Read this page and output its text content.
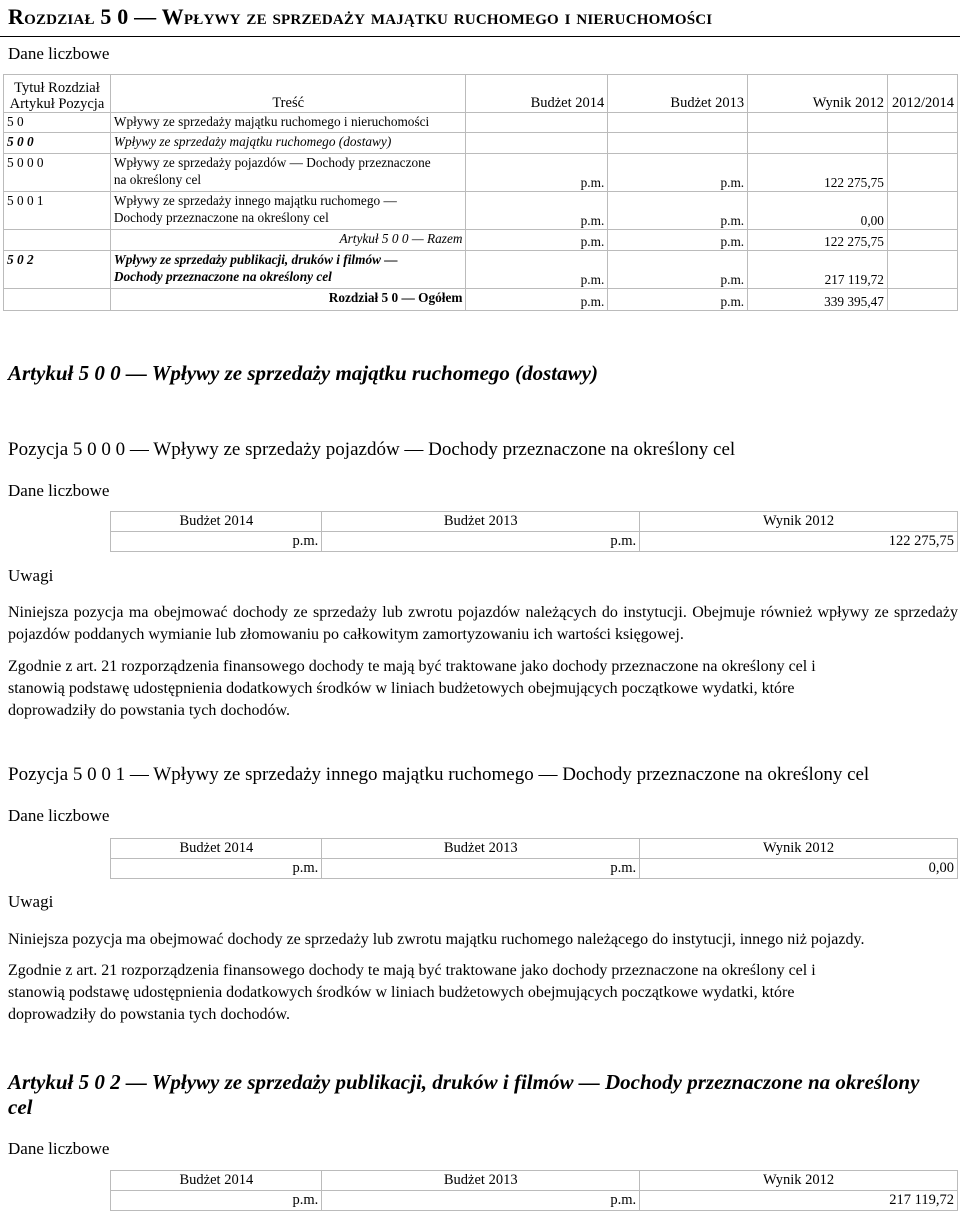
Rozdział 5 0 — Wpływy ze sprzedaży majątku ruchomego i nieruchomości
Dane liczbowe
Tytuł Rozdział
Artykuł Pozycja	Treść	Budżet 2014	Budżet 2013	Wynik 2012	2012/2014
5 0	Wpływy ze sprzedaży majątku ruchomego i nieruchomości				
5 0 0	Wpływy ze sprzedaży majątku ruchomego (dostawy)				
5 0 0 0	Wpływy ze sprzedaży pojazdów — Dochody przeznaczone
na określony cel	p.m.	p.m.	122 275,75	
5 0 0 1	Wpływy ze sprzedaży innego majątku ruchomego —
Dochody przeznaczone na określony cel	p.m.	p.m.	0,00	
	Artykuł 5 0 0 — Razem	p.m.	p.m.	122 275,75	
5 0 2	Wpływy ze sprzedaży publikacji, druków i filmów —
Dochody przeznaczone na określony cel	p.m.	p.m.	217 119,72	
	Rozdział 5 0 — Ogółem	p.m.	p.m.	339 395,47	
Artykuł 5 0 0 — Wpływy ze sprzedaży majątku ruchomego (dostawy)
Pozycja 5 0 0 0 — Wpływy ze sprzedaży pojazdów — Dochody przeznaczone na określony cel
Dane liczbowe
	Budżet 2014	Budżet 2013	Wynik 2012
	p.m.	p.m.	122 275,75
Uwagi
Niniejsza pozycja ma obejmować dochody ze sprzedaży lub zwrotu pojazdów należących do instytucji. Obejmuje również wpływy ze sprzedaży pojazdów poddanych wymianie lub złomowaniu po całkowitym zamortyzowaniu ich wartości księgowej.
Zgodnie z art. 21 rozporządzenia finansowego dochody te mają być traktowane jako dochody przeznaczone na określony cel i
stanowią podstawę udostępnienia dodatkowych środków w liniach budżetowych obejmujących początkowe wydatki, które
doprowadziły do powstania tych dochodów.
Pozycja 5 0 0 1 — Wpływy ze sprzedaży innego majątku ruchomego — Dochody przeznaczone na określony cel
Dane liczbowe
	Budżet 2014	Budżet 2013	Wynik 2012
	p.m.	p.m.	0,00
Uwagi
Niniejsza pozycja ma obejmować dochody ze sprzedaży lub zwrotu majątku ruchomego należącego do instytucji, innego niż pojazdy.
Zgodnie z art. 21 rozporządzenia finansowego dochody te mają być traktowane jako dochody przeznaczone na określony cel i
stanowią podstawę udostępnienia dodatkowych środków w liniach budżetowych obejmujących początkowe wydatki, które
doprowadziły do powstania tych dochodów.
Artykuł 5 0 2 — Wpływy ze sprzedaży publikacji, druków i filmów — Dochody przeznaczone na określony
cel
Dane liczbowe
	Budżet 2014	Budżet 2013	Wynik 2012
	p.m.	p.m.	217 119,72
